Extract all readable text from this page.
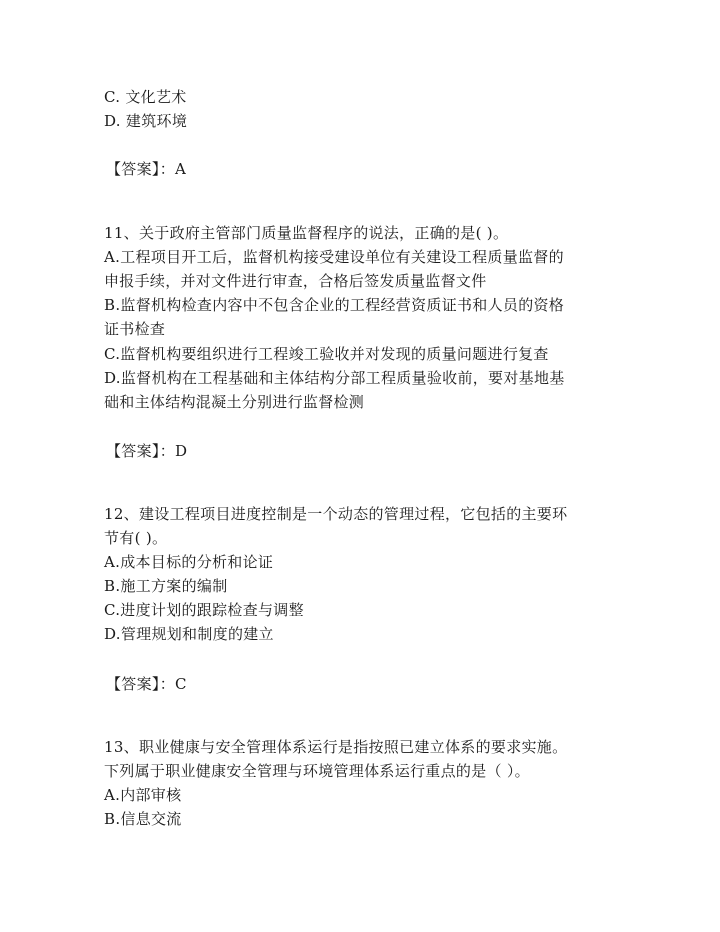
C. 文化艺术
D. 建筑环境
【答案】：A
11、关于政府主管部门质量监督程序的说法，正确的是( )。
A.工程项目开工后，监督机构接受建设单位有关建设工程质量监督的
申报手续，并对文件进行审查，合格后签发质量监督文件
B.监督机构检查内容中不包含企业的工程经营资质证书和人员的资格
证书检查
C.监督机构要组织进行工程竣工验收并对发现的质量问题进行复查
D.监督机构在工程基础和主体结构分部工程质量验收前，要对基地基
础和主体结构混凝土分别进行监督检测
【答案】：D
12、建设工程项目进度控制是一个动态的管理过程，它包括的主要环
节有( )。
A.成本目标的分析和论证
B.施工方案的编制
C.进度计划的跟踪检查与调整
D.管理规划和制度的建立
【答案】：C
13、职业健康与安全管理体系运行是指按照已建立体系的要求实施。
下列属于职业健康安全管理与环境管理体系运行重点的是（ ）。
A.内部审核
B.信息交流
